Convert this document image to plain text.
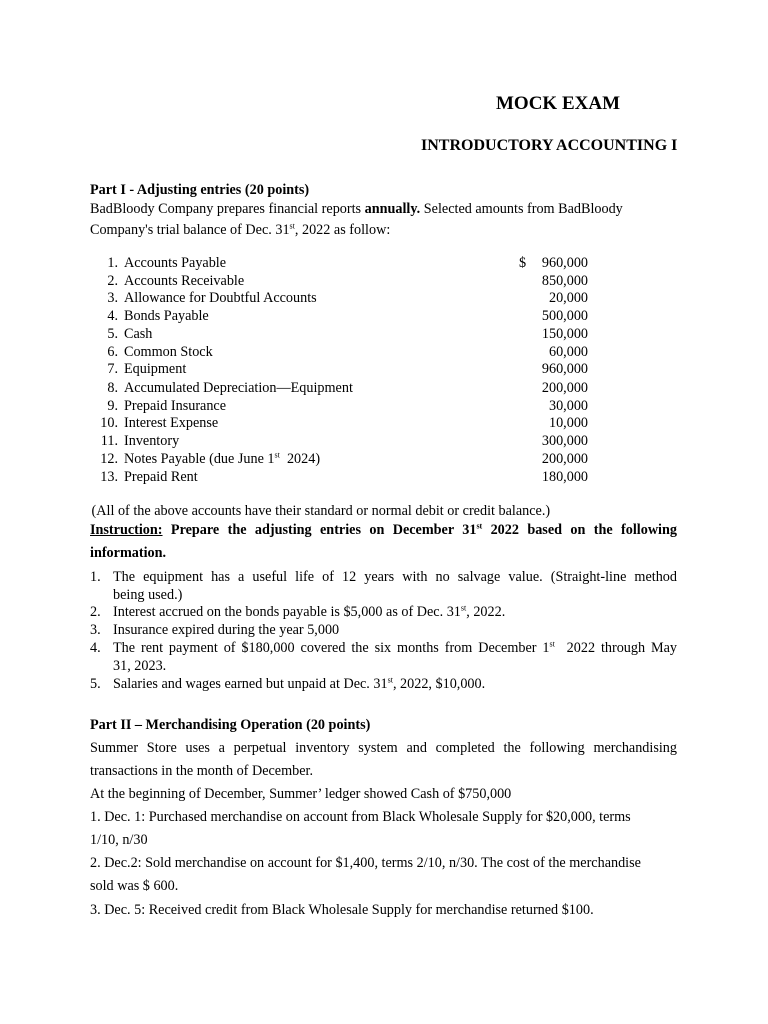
MOCK EXAM
INTRODUCTORY ACCOUNTING I
Part I - Adjusting entries (20 points)
BadBloody Company prepares financial reports annually. Selected amounts from BadBloody
Company's trial balance of Dec. 31st, 2022 as follow:
1. Accounts Payable	$ 960,000
2. Accounts Receivable	850,000
3. Allowance for Doubtful Accounts	20,000
4. Bonds Payable	500,000
5. Cash	150,000
6. Common Stock	60,000
7. Equipment	960,000
8. Accumulated Depreciation—Equipment	200,000
9. Prepaid Insurance	30,000
10. Interest Expense	10,000
11. Inventory	300,000
12. Notes Payable (due June 1st  2024)	200,000
13. Prepaid Rent	180,000
(All of the above accounts have their standard or normal debit or credit balance.)
Instruction: Prepare the adjusting entries on December 31st 2022 based on the following
information.
1. The equipment has a useful life of 12 years with no salvage value. (Straight-line method
being used.)
2. Interest accrued on the bonds payable is $5,000 as of Dec. 31st, 2022.
3. Insurance expired during the year 5,000
4. The rent payment of $180,000 covered the six months from December 1st  2022 through May
31, 2023.
5. Salaries and wages earned but unpaid at Dec. 31st, 2022, $10,000.
Part II – Merchandising Operation (20 points)
Summer Store uses a perpetual inventory system and completed the following merchandising
transactions in the month of December.
At the beginning of December, Summer’ ledger showed Cash of $750,000
1. Dec. 1: Purchased merchandise on account from Black Wholesale Supply for $20,000, terms
1/10, n/30
2. Dec.2: Sold merchandise on account for $1,400, terms 2/10, n/30. The cost of the merchandise
sold was $ 600.
3. Dec. 5: Received credit from Black Wholesale Supply for merchandise returned $100.
